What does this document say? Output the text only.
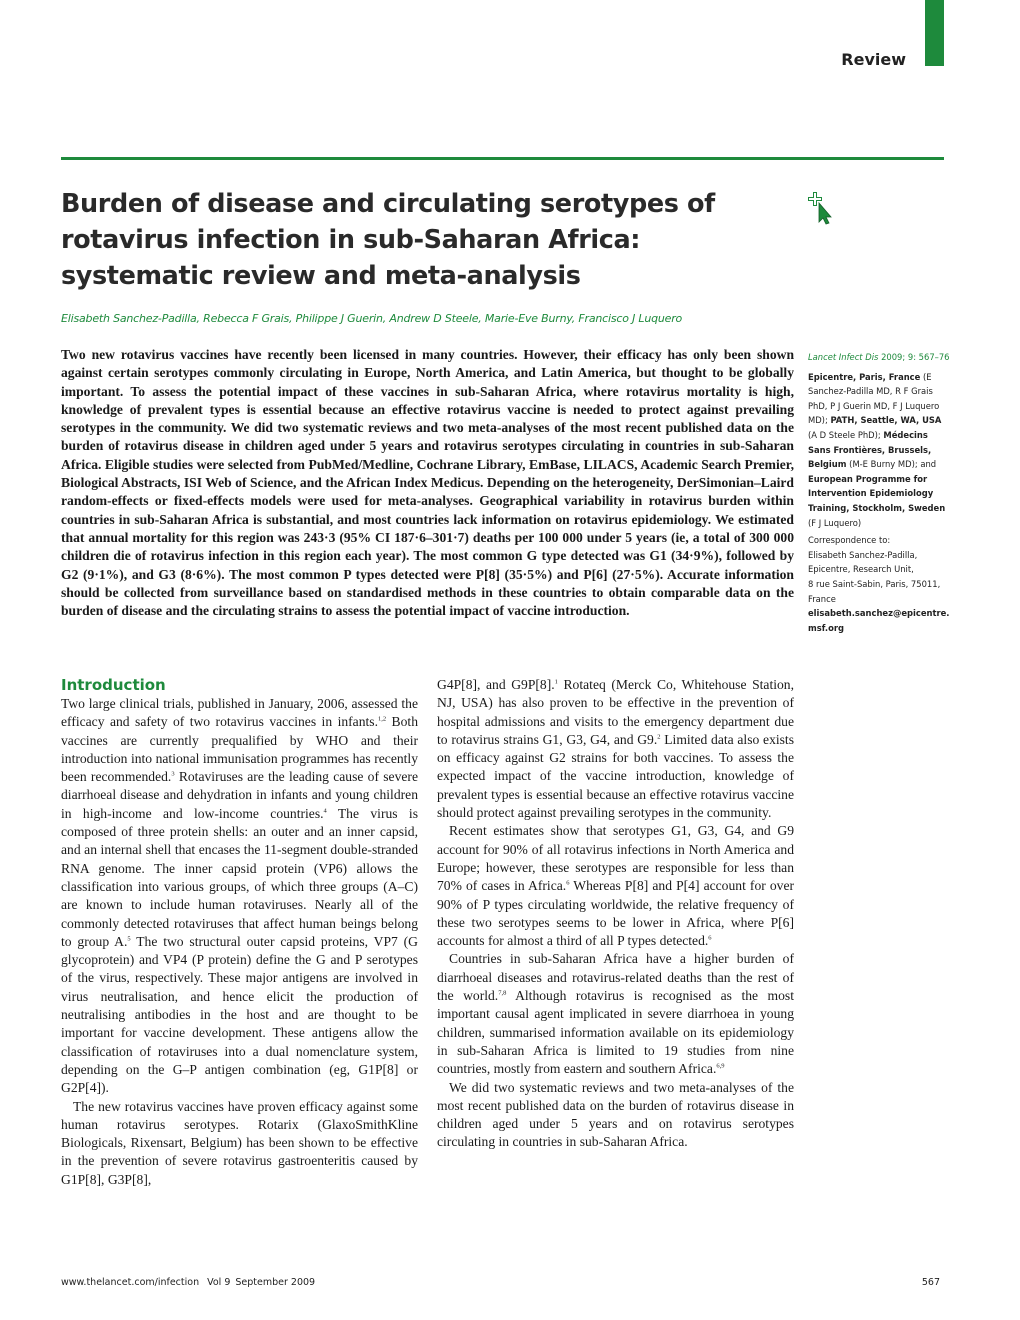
Review
Burden of disease and circulating serotypes of rotavirus infection in sub-Saharan Africa: systematic review and meta-analysis
Elisabeth Sanchez-Padilla, Rebecca F Grais, Philippe J Guerin, Andrew D Steele, Marie-Eve Burny, Francisco J Luquero
Two new rotavirus vaccines have recently been licensed in many countries. However, their efficacy has only been shown against certain serotypes commonly circulating in Europe, North America, and Latin America, but thought to be globally important. To assess the potential impact of these vaccines in sub-Saharan Africa, where rotavirus mortality is high, knowledge of prevalent types is essential because an effective rotavirus vaccine is needed to protect against prevailing serotypes in the community. We did two systematic reviews and two meta-analyses of the most recent published data on the burden of rotavirus disease in children aged under 5 years and rotavirus serotypes circulating in countries in sub-Saharan Africa. Eligible studies were selected from PubMed/Medline, Cochrane Library, EmBase, LILACS, Academic Search Premier, Biological Abstracts, ISI Web of Science, and the African Index Medicus. Depending on the heterogeneity, DerSimonian–Laird random-effects or fixed-effects models were used for meta-analyses. Geographical variability in rotavirus burden within countries in sub-Saharan Africa is substantial, and most countries lack information on rotavirus epidemiology. We estimated that annual mortality for this region was 243·3 (95% CI 187·6–301·7) deaths per 100 000 under 5 years (ie, a total of 300 000 children die of rotavirus infection in this region each year). The most common G type detected was G1 (34·9%), followed by G2 (9·1%), and G3 (8·6%). The most common P types detected were P[8] (35·5%) and P[6] (27·5%). Accurate information should be collected from surveillance based on standardised methods in these countries to obtain comparable data on the burden of disease and the circulating strains to assess the potential impact of vaccine introduction.
Lancet Infect Dis 2009; 9: 567–76
Epicentre, Paris, France (E Sanchez-Padilla MD, R F Grais PhD, P J Guerin MD, F J Luquero MD); PATH, Seattle, WA, USA (A D Steele PhD); Médecins Sans Frontières, Brussels, Belgium (M-E Burny MD); and European Programme for Intervention Epidemiology Training, Stockholm, Sweden (F J Luquero)
Correspondence to:
Elisabeth Sanchez-Padilla,
Epicentre, Research Unit,
8 rue Saint-Sabin, Paris, 75011,
France
elisabeth.sanchez@epicentre.msf.org
Introduction

Two large clinical trials, published in January, 2006, assessed the efficacy and safety of two rotavirus vaccines in infants.$^{1,2}$ Both vaccines are currently prequalified by WHO and their introduction into national immunisation programmes has recently been recommended.$^3$ Rotaviruses are the leading cause of severe diarrhoeal disease and dehydration in infants and young children in high-income and low-income countries.$^4$ The virus is composed of three protein shells: an outer and an inner capsid, and an internal shell that encases the 11-segment double-stranded RNA genome. The inner capsid protein (VP6) allows the classification into various groups, of which three groups (A–C) are known to include human rotaviruses. Nearly all of the commonly detected rotaviruses that affect human beings belong to group A.$^5$ The two structural outer capsid proteins, VP7 (G glycoprotein) and VP4 (P protein) define the G and P serotypes of the virus, respectively. These major antigens are involved in virus neutralisation, and hence elicit the production of neutralising antibodies in the host and are thought to be important for vaccine development. These antigens allow the classification of rotaviruses into a dual nomenclature system, depending on the G–P antigen combination (eg, G1P[8] or G2P[4]).

The new rotavirus vaccines have proven efficacy against some human rotavirus serotypes. Rotarix (GlaxoSmithKline Biologicals, Rixensart, Belgium) has been shown to be effective in the prevention of severe rotavirus gastroenteritis caused by G1P[8], G3P[8],

G4P[8], and G9P[8].$^1$ Rotateq (Merck Co, Whitehouse Station, NJ, USA) has also proven to be effective in the prevention of hospital admissions and visits to the emergency department due to rotavirus strains G1, G3, G4, and G9.$^2$ Limited data also exists on efficacy against G2 strains for both vaccines. To assess the expected impact of the vaccine introduction, knowledge of prevalent types is essential because an effective rotavirus vaccine should protect against prevailing serotypes in the community.

Recent estimates show that serotypes G1, G3, G4, and G9 account for 90% of all rotavirus infections in North America and Europe; however, these serotypes are responsible for less than 70% of cases in Africa.$^6$ Whereas P[8] and P[4] account for over 90% of P types circulating worldwide, the relative frequency of these two serotypes seems to be lower in Africa, where P[6] accounts for almost a third of all P types detected.$^6$

Countries in sub-Saharan Africa have a higher burden of diarrhoeal diseases and rotavirus-related deaths than the rest of the world.$^{7,8}$ Although rotavirus is recognised as the most important causal agent implicated in severe diarrhoea in young children, summarised information available on its epidemiology in sub-Saharan Africa is limited to 19 studies from nine countries, mostly from eastern and southern Africa.$^{6,9}$

We did two systematic reviews and two meta-analyses of the most recent published data on the burden of rotavirus disease in children aged under 5 years and on rotavirus serotypes circulating in countries in sub-Saharan Africa.

www.thelancet.com/infection Vol 9 September 2009	567
